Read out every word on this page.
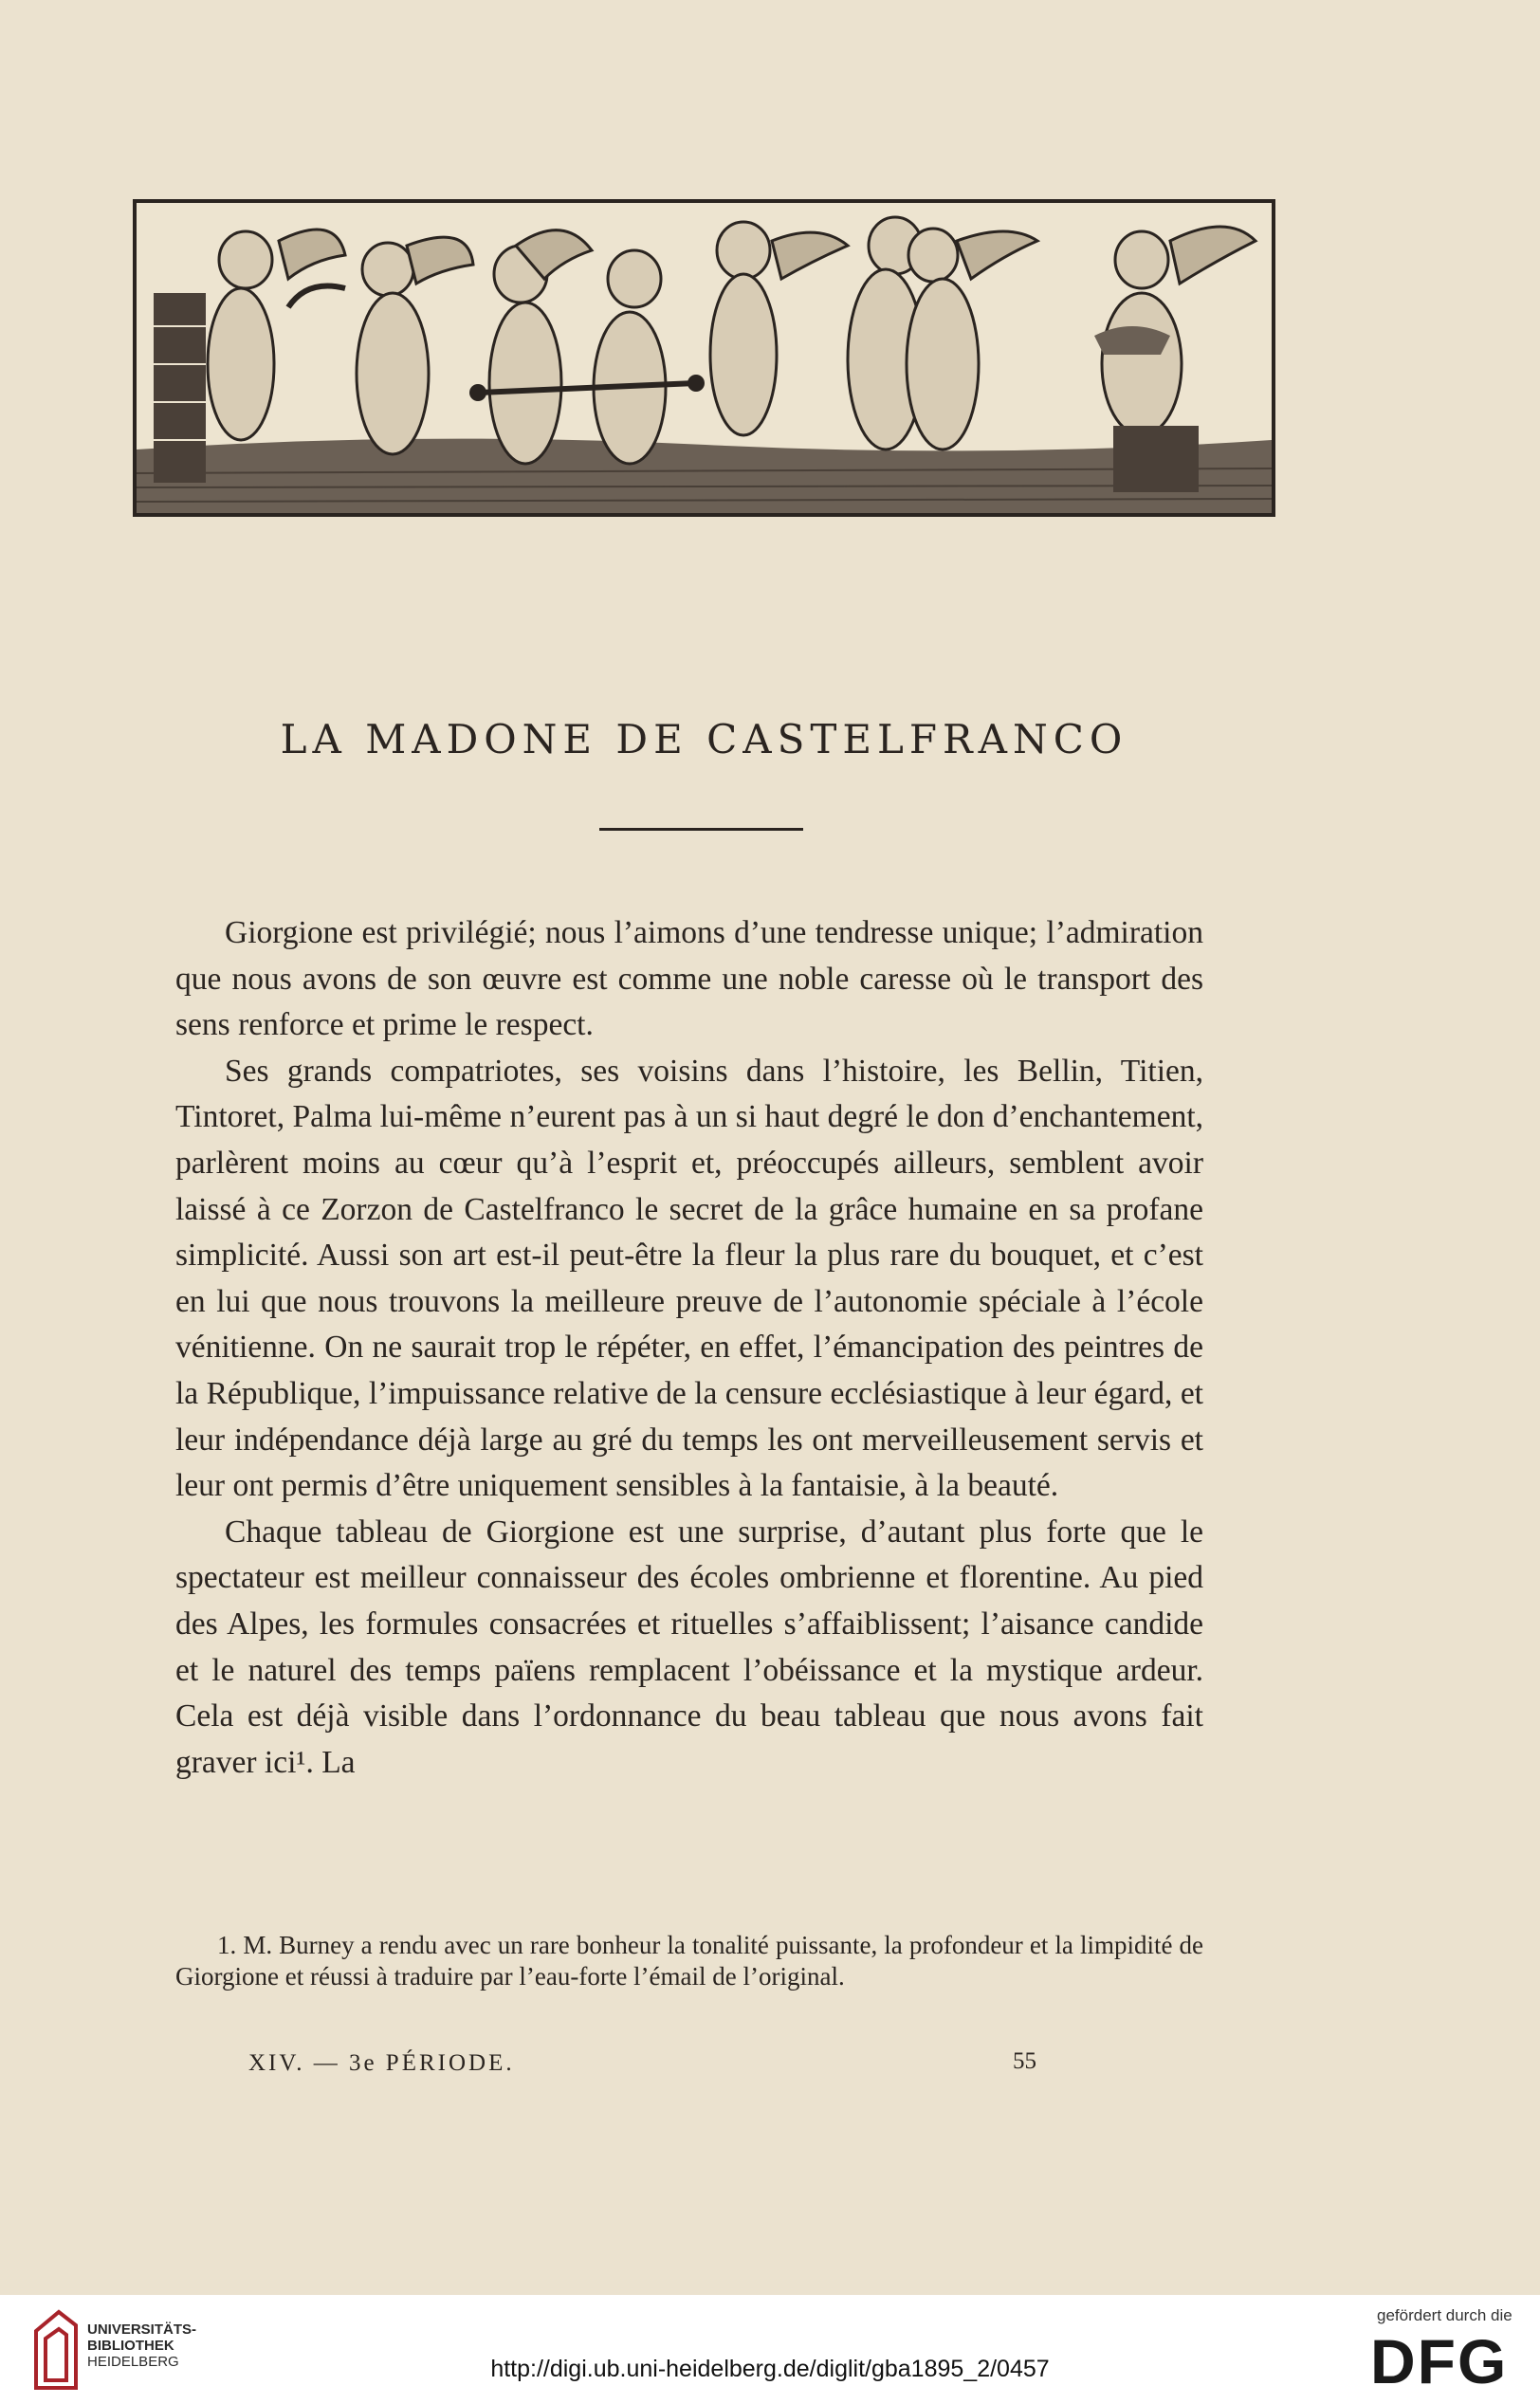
LA MADONE DE CASTELFRANCO

Giorgione est privilégié; nous l’aimons d’une tendresse unique; l’admiration que nous avons de son œuvre est comme une noble caresse où le transport des sens renforce et prime le respect.

Ses grands compatriotes, ses voisins dans l’histoire, les Bellin, Titien, Tintoret, Palma lui-même n’eurent pas à un si haut degré le don d’enchantement, parlèrent moins au cœur qu’à l’esprit et, préoccupés ailleurs, semblent avoir laissé à ce Zorzon de Castelfranco le secret de la grâce humaine en sa profane simplicité. Aussi son art est-il peut-être la fleur la plus rare du bouquet, et c’est en lui que nous trouvons la meilleure preuve de l’autonomie spéciale à l’école vénitienne. On ne saurait trop le répéter, en effet, l’émancipation des peintres de la République, l’impuissance relative de la censure ecclésiastique à leur égard, et leur indépendance déjà large au gré du temps les ont merveilleusement servis et leur ont permis d’être uniquement sensibles à la fantaisie, à la beauté.

Chaque tableau de Giorgione est une surprise, d’autant plus forte que le spectateur est meilleur connaisseur des écoles ombrienne et florentine. Au pied des Alpes, les formules consacrées et rituelles s’affaiblissent; l’aisance candide et le naturel des temps païens remplacent l’obéissance et la mystique ardeur. Cela est déjà visible dans l’ordonnance du beau tableau que nous avons fait graver ici¹. La

1. M. Burney a rendu avec un rare bonheur la tonalité puissante, la profondeur et la limpidité de Giorgione et réussi à traduire par l’eau-forte l’émail de l’original.
XIV. — 3e PÉRIODE.	55
UNIVERSITÄTS-
BIBLIOTHEK
HEIDELBERG	http://digi.ub.uni-heidelberg.de/diglit/gba1895_2/0457
gefördert durch die
DFG
